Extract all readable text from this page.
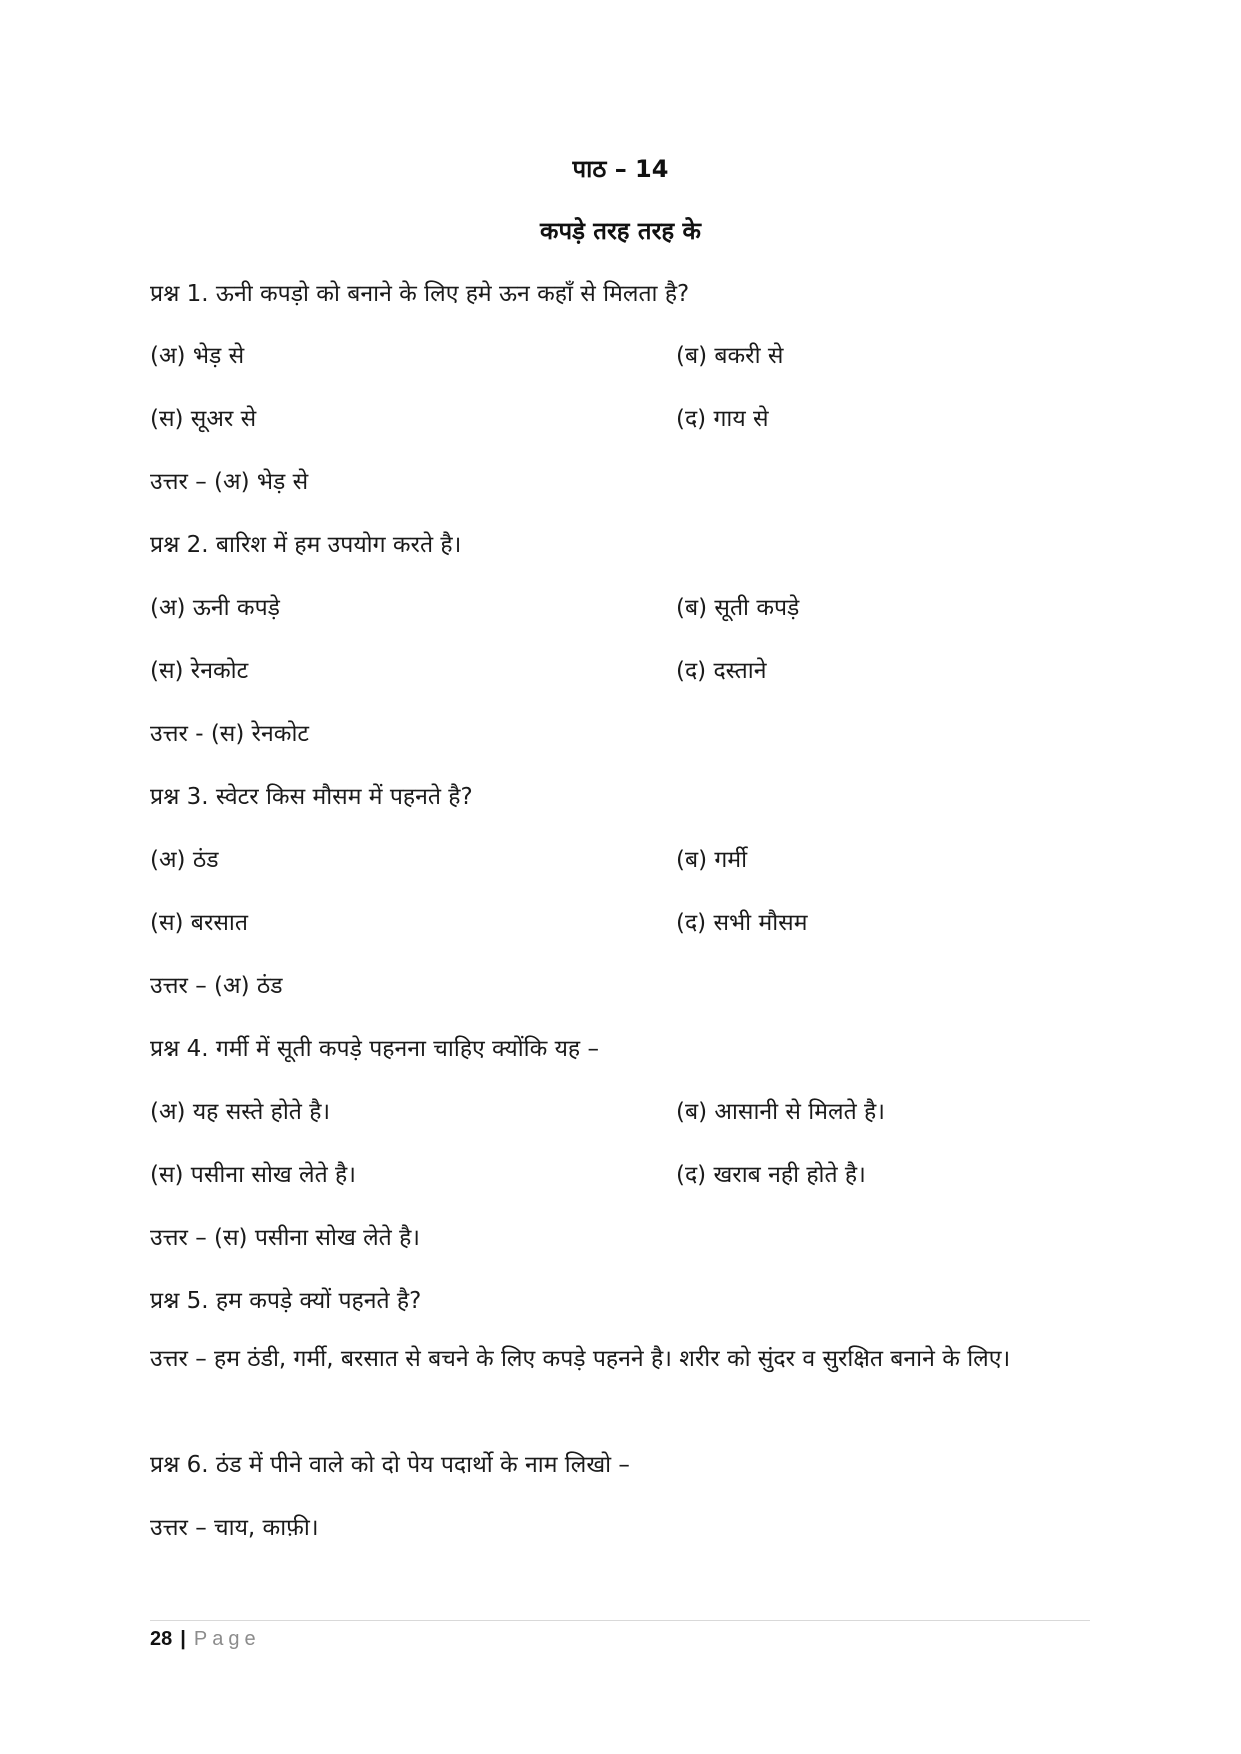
पाठ – 14
कपड़े तरह तरह के
प्रश्न 1. ऊनी कपड़ो को बनाने के लिए हमे ऊन कहाँ से मिलता है?
(अ) भेड़ से	(ब) बकरी से
(स) सूअर से	(द) गाय से
उत्तर – (अ) भेड़ से
प्रश्न 2. बारिश में हम उपयोग करते है।
(अ) ऊनी कपड़े	(ब) सूती कपड़े
(स) रेनकोट	(द) दस्ताने
उत्तर - (स) रेनकोट
प्रश्न 3. स्वेटर किस मौसम में पहनते है?
(अ) ठंड	(ब) गर्मी
(स) बरसात	(द) सभी मौसम
उत्तर – (अ) ठंड
प्रश्न 4. गर्मी में सूती कपड़े पहनना चाहिए क्योंकि यह –
(अ) यह सस्ते होते है।	(ब) आसानी से मिलते है।
(स) पसीना सोख लेते है।	(द) खराब नही होते है।
उत्तर – (स) पसीना सोख लेते है।
प्रश्न 5. हम कपड़े क्यों पहनते है?
उत्तर – हम ठंडी, गर्मी, बरसात से बचने के लिए कपड़े पहनने है। शरीर को सुंदर व सुरक्षित बनाने के लिए।
प्रश्न 6. ठंड में पीने वाले को दो पेय पदार्थो के नाम लिखो –
उत्तर – चाय, काफ़ी।
28 | Page
